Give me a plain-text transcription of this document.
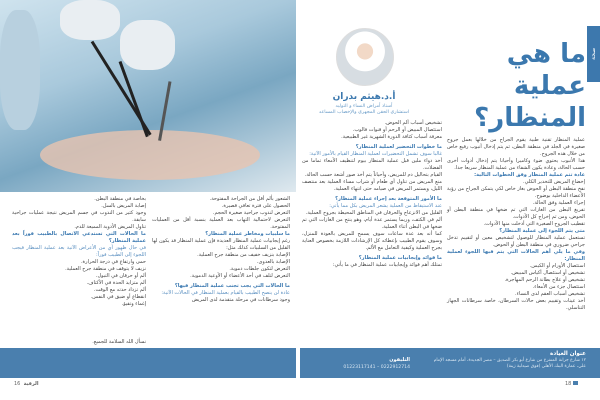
الشعور بألم أقل من الجراحة المفتوحة.

الحصول على فترة تعافي قصيرة.

التعرض لندوب جراحية صغيرة الحجم.

التعرض لاحتمالية التهاب بعد العملية بنسبة أقل من العمليات المفتوحة.

ما سلبيات ومخاطر عملية المنظار؟

رغم إيجابيات عملية المنظار العديدة فإن عملية المنظار قد يكون لها القليل من السلبيات كذلك مثل:

الإصابة بنزيف خفيف من منطقة جرح العملية.

الإصابة بالعدوى.

التعرض لتكون جلطات دموية.

التعرض لتلف في أحد الأعضاء أو الأوعية الدموية.

ما الحالات التي يجب تجنب عملية المنظار فيها؟

عادة لن ينصح الطبيب بالقيام بعملية المنظار في الحالات الآتية:

وجود سرطانات في مرحلة متقدمة لدى المريض

بخاصة في منطقة البطن.

إصابة المريض بالسل.

وجود كثير من الندوب في جسم المريض نتيجة عمليات جراحية سابقة.

تناول المريض الأدوية المميعة للدم.

ما الحالات التي تستدعي الاتصال بالطبيب فوراً بعد عملية المنظار؟

في حال ظهور أي من الأعراض الآتية بعد عملية المنظار فيجب اللجوء إلى الطبيب فوراً:

حمى وارتفاع في درجة الحرارة.

نزيف لا يتوقف في منطقة جرح العملية.

ألم أو حرقان في التبول.

ألم متزايد الحدة في الأكتاف.

ألم تزداد حدته مع الوقت.

انقطاع أو ضيق في النفس.

إغماء وتقيؤ.

نسأل الله السلامة للجميع.
16 الرقية
صحة
ما هي عملية المنظار؟
أ.د.هيثم بدران
أستاذ أمراض النساء و التوليد
استشاري الحقن المجهري والإخصاب المساعد

عملية المنظار تقنية طبية يقوم الجراح من خلالها بعمل جروح صغيرة في الجلد في منطقة البطن، ثم يتم إدخال أنبوب رفيع خاص من خلال هذه الجروح.

هذا الأنبوب يحتوي ضوء وكاميرا وأحيانا يتم إدخال أدوات أخرى حسب الحالة، وعادة يكون الشفاء من عملية المنظار سريعا جدا.

عادة تتم عملية المنظار وفق الخطوات التالية:

إخضاع المريض للتخدير الكلي.

نفخ منطقة البطن أو الحوض بغاز خاص لكي يتمكن الجراح من رؤية الأعضاء الداخلية بوضوح.

إجراء العملية وفق الحالة.

تفريغ البطن من الغازات التي تم ضخها في منطقة البطن أو الحوض، ومن ثم إخراج كل الأدوات.

تقطيب الجروح الصغيرة التي أدخلت منها الأدوات.

متى يتم اللجوء إلى عملية المنظار؟

تستعمل عملية المنظار للوصول لتشخيص معين أو لتقييم تدخل جراحي ضروري في منطقة البطن أو الحوض.

وفي ما يلي أهم الحالات التي يتم فيها اللجوء لعملية المنظار:

استئصال الأورام أو الكيس.

تشخيص أو استئصال أكياس المبيض.

تشخيص أو علاج بطانة الرحم المهاجرة.

استئصال جزء من الأمعاء.

تشخيص أسباب العقم لدى النساء.

أخذ عينات وتقييم بعض حالات السرطان، خاصة سرطانات الجهاز التناسلي.

تشخيص أسباب ألم الحوض.

استئصال المبيض أو الرحم أو قنوات فالوب.

معرفة أسباب كثافة الدورة الشهرية غير الطبيعية.

ما خطوات التحضير لعملية المنظار؟

غالبا سوف تشمل التحضيرات لعملية المنظار القيام بالأمور الآتية:

أخذ دواء ملين قبل عملية المنظار بيوم لتنظيف الأمعاء تماما من الفضلات.

القيام بتحاليل دم للمريض، وأحياناً يتم أخذ صور أشعة حسب الحالة.

منع المريض من تناول أي طعام أو شراب مساء العملية بعد منتصف الليل، ويستمر المريض في صيامه حتى انتهاء العملية.

ما الأمور المتوقعة بعد إجراء عملية المنظار؟

عند الاستيقاظ من العملية يشعر المريض بكل مما يأتي:

القليل من الانزعاج والحرقان في المناطق المحيطة بجروح العملية.

ألم في الكتف، وربما يستمر عدة أيام، وهو ينتج من الغازات التي تم ضخها في البطن أثناء العملية.

كما أنه بعد عدة ساعات سوف يسمح للمريض بالعودة للمنزل، وسوف يقوم الطبيب بإعطائه كل الإرشادات اللازمة بخصوص العناية بجرح العملية وكيفية التعامل مع الألم.

ما فوائد وإيجابيات عملية المنظار؟

تمتلك أهم فوائد وإيجابيات عملية المنظار في ما يأتي:

عنوان العيادة
١٢ شارع جرانة المتفرع من شارع أبو بكر الصديق – مصر الجديدة، أمام مسجد الإمام علي، عمارة البنك الأهلي (فوق صيدلية زينة)
التليفون
01223117141 – 0222912714
18
